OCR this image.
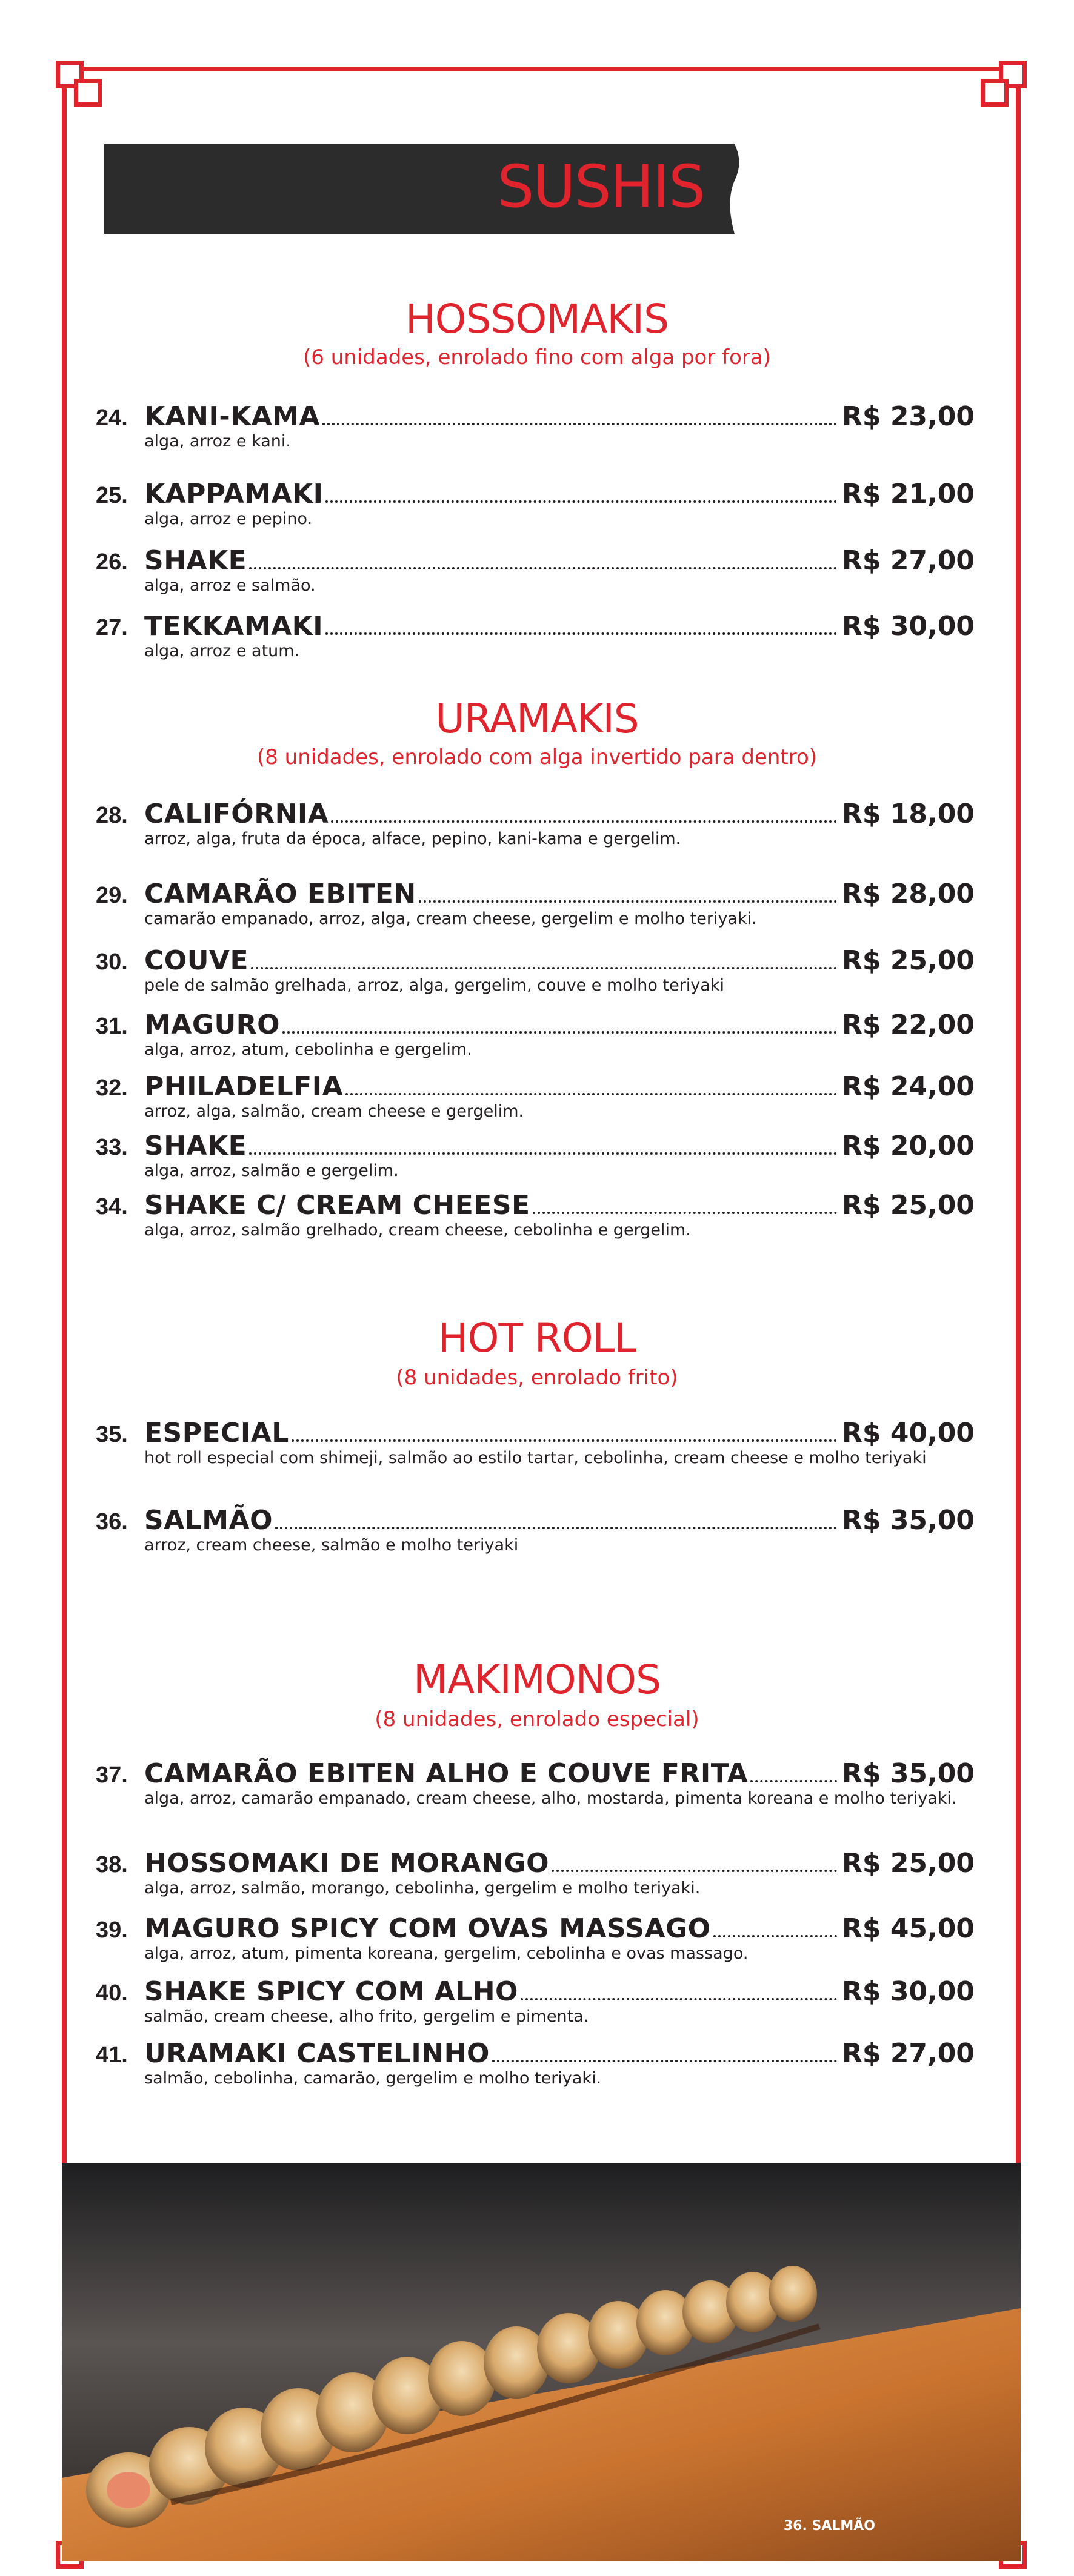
SUSHIS
HOSSOMAKIS
(6 unidades, enrolado fino com alga por fora)
24. KANI-KAMA	R$ 23,00
alga, arroz e kani.
25. KAPPAMAKI	R$ 21,00
alga, arroz e pepino.
26. SHAKE	R$ 27,00
alga, arroz e salmão.
27. TEKKAMAKI	R$ 30,00
alga, arroz e atum.
URAMAKIS
(8 unidades, enrolado com alga invertido para dentro)
28. CALIFÓRNIA	R$ 18,00
arroz, alga, fruta da época, alface, pepino, kani-kama e gergelim.
29. CAMARÃO EBITEN	R$ 28,00
camarão empanado, arroz, alga, cream cheese, gergelim e molho teriyaki.
30. COUVE	R$ 25,00
pele de salmão grelhada, arroz, alga, gergelim, couve e molho teriyaki
31. MAGURO	R$ 22,00
alga, arroz, atum, cebolinha e gergelim.
32. PHILADELFIA	R$ 24,00
arroz, alga, salmão, cream cheese e gergelim.
33. SHAKE	R$ 20,00
alga, arroz, salmão e gergelim.
34. SHAKE C/ CREAM CHEESE	R$ 25,00
alga, arroz, salmão grelhado, cream cheese, cebolinha e gergelim.
HOT ROLL
(8 unidades, enrolado frito)
35. ESPECIAL	R$ 40,00
hot roll especial com shimeji, salmão ao estilo tartar, cebolinha, cream cheese e molho teriyaki
36. SALMÃO	R$ 35,00
arroz, cream cheese, salmão e molho teriyaki
MAKIMONOS
(8 unidades, enrolado especial)
37. CAMARÃO EBITEN ALHO E COUVE FRITA	R$ 35,00
alga, arroz, camarão empanado, cream cheese, alho, mostarda, pimenta koreana e molho teriyaki.
38. HOSSOMAKI DE MORANGO	R$ 25,00
alga, arroz, salmão, morango, cebolinha, gergelim e molho teriyaki.
39. MAGURO SPICY COM OVAS MASSAGO	R$ 45,00
alga, arroz, atum, pimenta koreana, gergelim, cebolinha e ovas massago.
40. SHAKE SPICY COM ALHO	R$ 30,00
salmão, cream cheese, alho frito, gergelim e pimenta.
41. URAMAKI CASTELINHO	R$ 27,00
salmão, cebolinha, camarão, gergelim e molho teriyaki.
36. SALMÃO
